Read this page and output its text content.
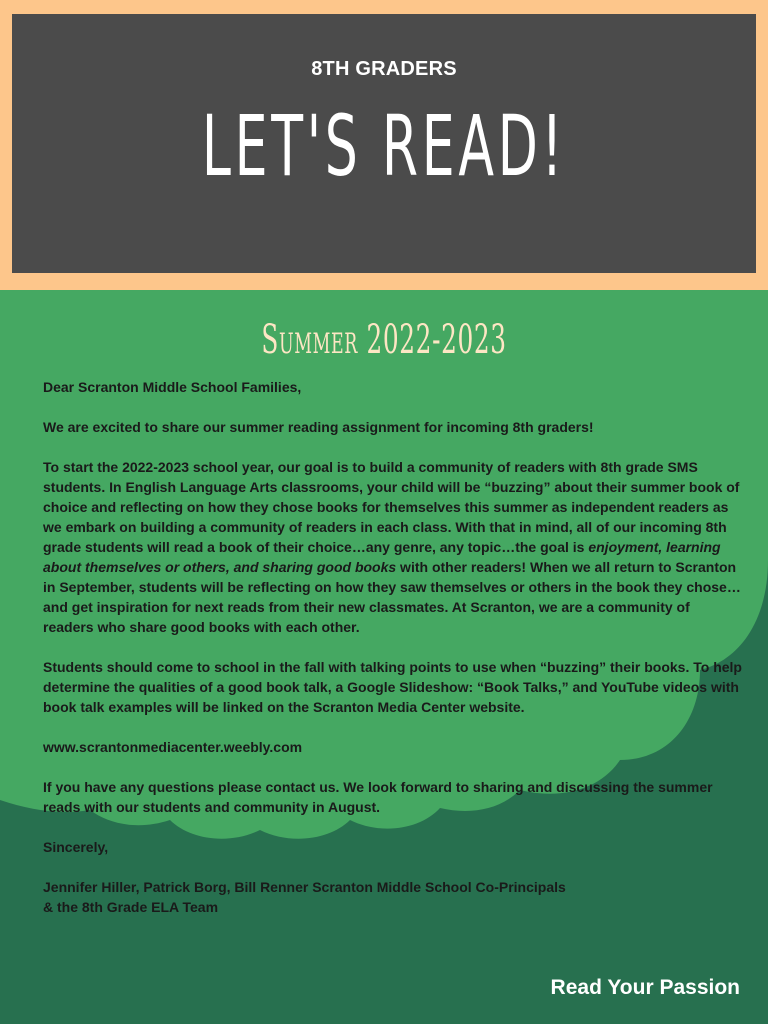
8TH GRADERS
LET'S READ!
Summer 2022-2023

Dear Scranton Middle School Families,

We are excited to share our summer reading assignment for incoming 8th graders!

To start the 2022-2023 school year, our goal is to build a community of readers with 8th grade SMS students. In English Language Arts classrooms, your child will be “buzzing” about their summer book of choice and reflecting on how they chose books for themselves this summer as independent readers as we embark on building a community of readers in each class. With that in mind, all of our incoming 8th grade students will read a book of their choice…any genre, any topic…the goal is enjoyment, learning about themselves or others, and sharing good books with other readers! When we all return to Scranton in September, students will be reflecting on how they saw themselves or others in the book they chose… and get inspiration for next reads from their new classmates. At Scranton, we are a community of readers who share good books with each other.

Students should come to school in the fall with talking points to use when “buzzing” their books. To help determine the qualities of a good book talk, a Google Slideshow: “Book Talks,” and YouTube videos with book talk examples will be linked on the Scranton Media Center website.

www.scrantonmediacenter.weebly.com

If you have any questions please contact us. We look forward to sharing and discussing the summer reads with our students and community in August.

Sincerely,

Jennifer Hiller, Patrick Borg, Bill Renner Scranton Middle School Co-Principals

& the 8th Grade ELA Team

Read Your Passion
